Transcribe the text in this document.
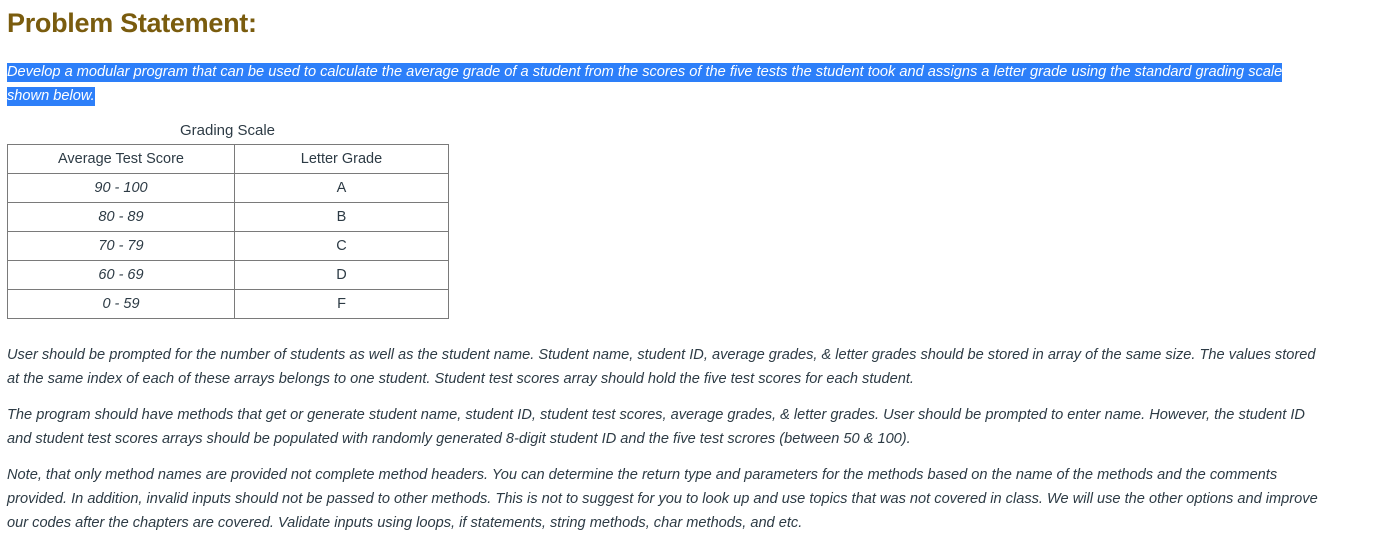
Problem Statement:
Develop a modular program that can be used to calculate the average grade of a student from the scores of the five tests the student took and assigns a letter grade using the standard grading scale
shown below.
Grading Scale
Average Test Score	Letter Grade
90 - 100	A
80 - 89	B
70 - 79	C
60 - 69	D
0 - 59	F

User should be prompted for the number of students as well as the student name. Student name, student ID, average grades, & letter grades should be stored in array of the same size. The values stored at the same index of each of these arrays belongs to one student. Student test scores array should hold the five test scores for each student.

The program should have methods that get or generate student name, student ID, student test scores, average grades, & letter grades. User should be prompted to enter name. However, the student ID and student test scores arrays should be populated with randomly generated 8-digit student ID and the five test scrores (between 50 & 100).

Note, that only method names are provided not complete method headers. You can determine the return type and parameters for the methods based on the name of the methods and the comments provided. In addition, invalid inputs should not be passed to other methods. This is not to suggest for you to look up and use topics that was not covered in class. We will use the other options and improve our codes after the chapters are covered. Validate inputs using loops, if statements, string methods, char methods, and etc.
